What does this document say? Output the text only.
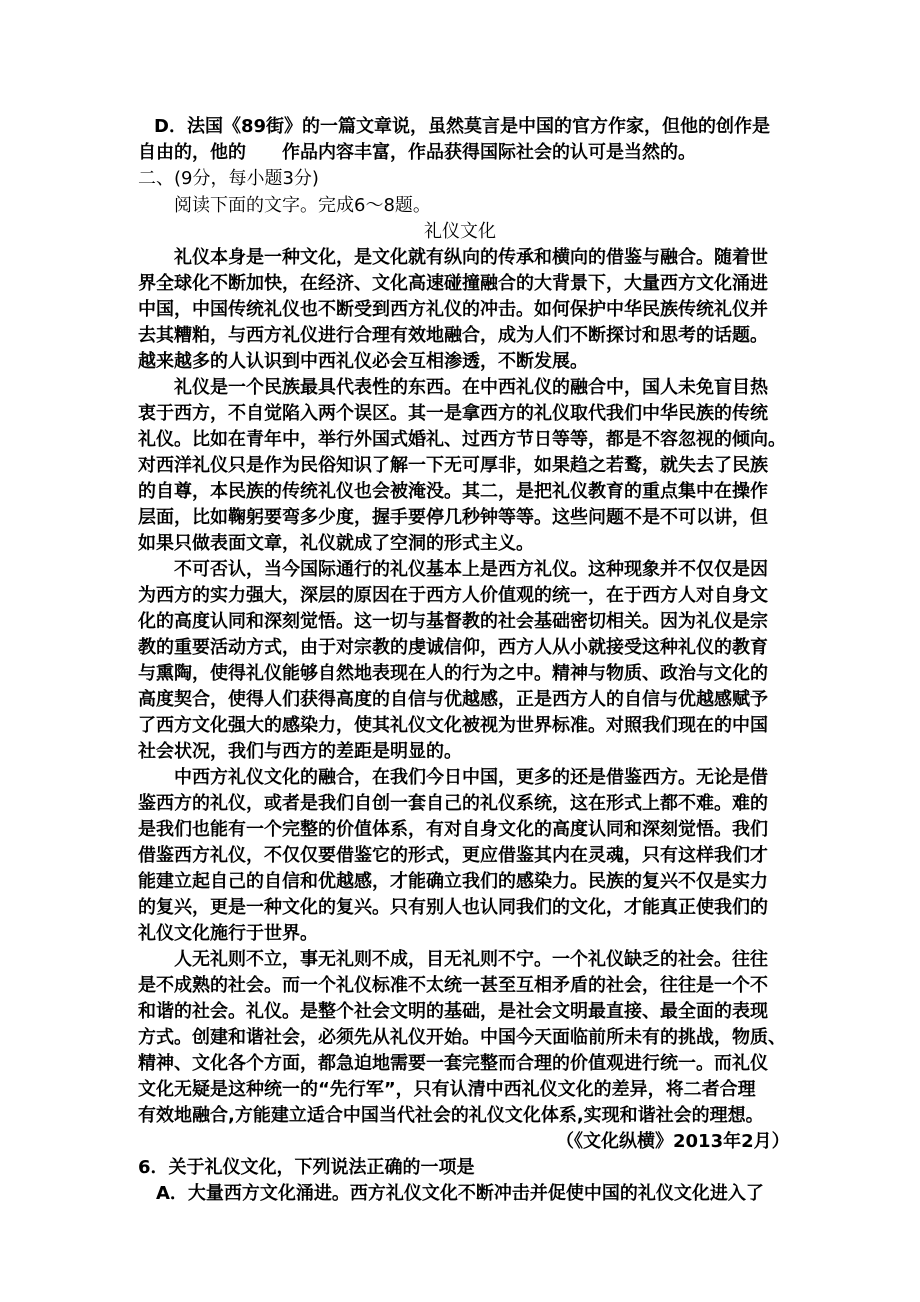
D．法国《89街》的一篇文章说，虽然莫言是中国的官方作家，但他的创作是
自由的，他的　　作品内容丰富，作品获得国际社会的认可是当然的。
二、(9分，每小题3分)
阅读下面的文字。完成6～8题。
礼仪文化
礼仪本身是一种文化，是文化就有纵向的传承和横向的借鉴与融合。随着世
界全球化不断加快，在经济、文化高速碰撞融合的大背景下，大量西方文化涌进
中国，中国传统礼仪也不断受到西方礼仪的冲击。如何保护中华民族传统礼仪并
去其糟粕，与西方礼仪进行合理有效地融合，成为人们不断探讨和思考的话题。
越来越多的人认识到中西礼仪必会互相渗透，不断发展。
礼仪是一个民族最具代表性的东西。在中西礼仪的融合中，国人未免盲目热
衷于西方，不自觉陷入两个误区。其一是拿西方的礼仪取代我们中华民族的传统
礼仪。比如在青年中，举行外国式婚礼、过西方节日等等，都是不容忽视的倾向。
对西洋礼仪只是作为民俗知识了解一下无可厚非，如果趋之若鹜，就失去了民族
的自尊，本民族的传统礼仪也会被淹没。其二，是把礼仪教育的重点集中在操作
层面，比如鞠躬要弯多少度，握手要停几秒钟等等。这些问题不是不可以讲，但
如果只做表面文章，礼仪就成了空洞的形式主义。
不可否认，当今国际通行的礼仪基本上是西方礼仪。这种现象并不仅仅是因
为西方的实力强大，深层的原因在于西方人价值观的统一，在于西方人对自身文
化的高度认同和深刻觉悟。这一切与基督教的社会基础密切相关。因为礼仪是宗
教的重要活动方式，由于对宗教的虔诚信仰，西方人从小就接受这种礼仪的教育
与熏陶，使得礼仪能够自然地表现在人的行为之中。精神与物质、政治与文化的
高度契合，使得人们获得高度的自信与优越感，正是西方人的自信与优越感赋予
了西方文化强大的感染力，使其礼仪文化被视为世界标准。对照我们现在的中国
社会状况，我们与西方的差距是明显的。
中西方礼仪文化的融合，在我们今日中国，更多的还是借鉴西方。无论是借
鉴西方的礼仪，或者是我们自创一套自己的礼仪系统，这在形式上都不难。难的
是我们也能有一个完整的价值体系，有对自身文化的高度认同和深刻觉悟。我们
借鉴西方礼仪，不仅仅要借鉴它的形式，更应借鉴其内在灵魂，只有这样我们才
能建立起自己的自信和优越感，才能确立我们的感染力。民族的复兴不仅是实力
的复兴，更是一种文化的复兴。只有别人也认同我们的文化，才能真正使我们的
礼仪文化施行于世界。
人无礼则不立，事无礼则不成，目无礼则不宁。一个礼仪缺乏的社会。往往
是不成熟的社会。而一个礼仪标准不太统一甚至互相矛盾的社会，往往是一个不
和谐的社会。礼仪。是整个社会文明的基础，是社会文明最直接、最全面的表现
方式。创建和谐社会，必须先从礼仪开始。中国今天面临前所未有的挑战，物质、
精神、文化各个方面，都急迫地需要一套完整而合理的价值观进行统一。而礼仪
文化无疑是这种统一的“先行军”，只有认清中西礼仪文化的差异，将二者合理
有效地融合,方能建立适合中国当代社会的礼仪文化体系,实现和谐社会的理想。
（《文化纵横》2013年2月）
6．关于礼仪文化，下列说法正确的一项是
A．大量西方文化涌进。西方礼仪文化不断冲击并促使中国的礼仪文化进入了
